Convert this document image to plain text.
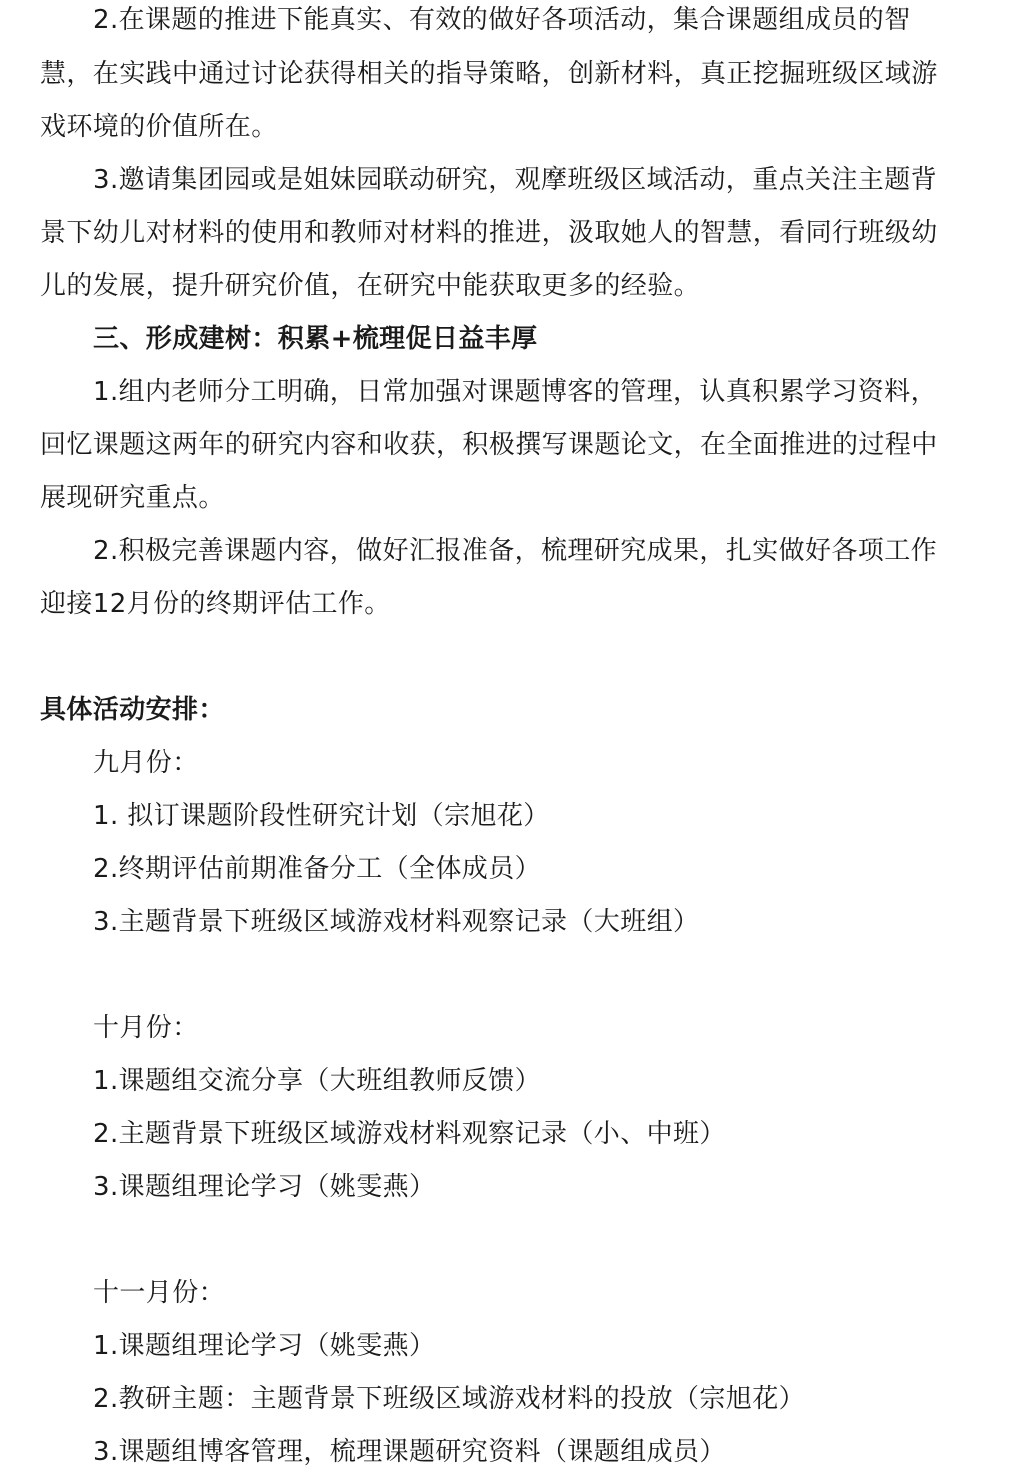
2.在课题的推进下能真实、有效的做好各项活动，集合课题组成员的智
慧，在实践中通过讨论获得相关的指导策略，创新材料，真正挖掘班级区域游
戏环境的价值所在。
3.邀请集团园或是姐妹园联动研究，观摩班级区域活动，重点关注主题背
景下幼儿对材料的使用和教师对材料的推进，汲取她人的智慧，看同行班级幼
儿的发展，提升研究价值，在研究中能获取更多的经验。
三、形成建树：积累+梳理促日益丰厚
1.组内老师分工明确，日常加强对课题博客的管理，认真积累学习资料，
回忆课题这两年的研究内容和收获，积极撰写课题论文，在全面推进的过程中
展现研究重点。
2.积极完善课题内容，做好汇报准备，梳理研究成果，扎实做好各项工作
迎接12月份的终期评估工作。
具体活动安排：
九月份：
1. 拟订课题阶段性研究计划（宗旭花）
2.终期评估前期准备分工（全体成员）
3.主题背景下班级区域游戏材料观察记录（大班组）
十月份：
1.课题组交流分享（大班组教师反馈）
2.主题背景下班级区域游戏材料观察记录（小、中班）
3.课题组理论学习（姚雯燕）
十一月份：
1.课题组理论学习（姚雯燕）
2.教研主题：主题背景下班级区域游戏材料的投放（宗旭花）
3.课题组博客管理，梳理课题研究资料（课题组成员）
